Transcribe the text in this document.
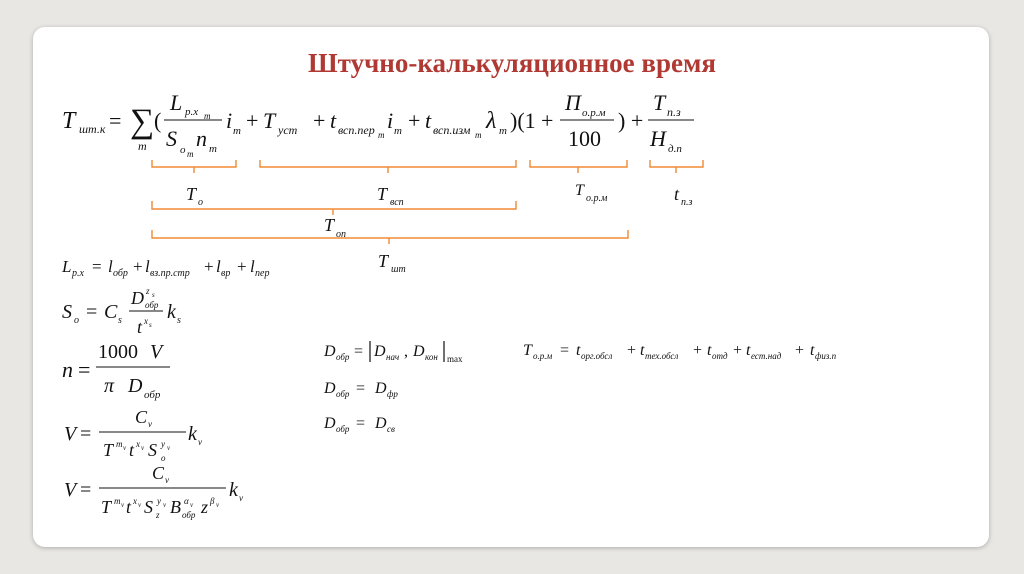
Штучно-калькуляционное время
T шт.к = ∑
m
(
L p.x m
S o m
n m
i m + T уст + t всп.пер m
i m + t всп.изм m
λ m )(1 +
П о.р.м
100
) +
T п.з
H д.п
T o	T всп
T о.р.м	t п.з
T оп
T шт
L p.x = l обр + l вз.пр.стр + l вр + l пер
S o = C s
D обр
z s
t x s
k s
n =
1000 V
π D обр
V =
C v
T m v t x v S o
y v
k v
V =
C v
T m v t x v S z
y v B обр
α v z β v
k v
D обр = D нач , D кон max
D обр = D фр
D обр = D св
T о.р.м = t орг.обсл + t тех.обсл + t отд + t ест.над + t физ.п
